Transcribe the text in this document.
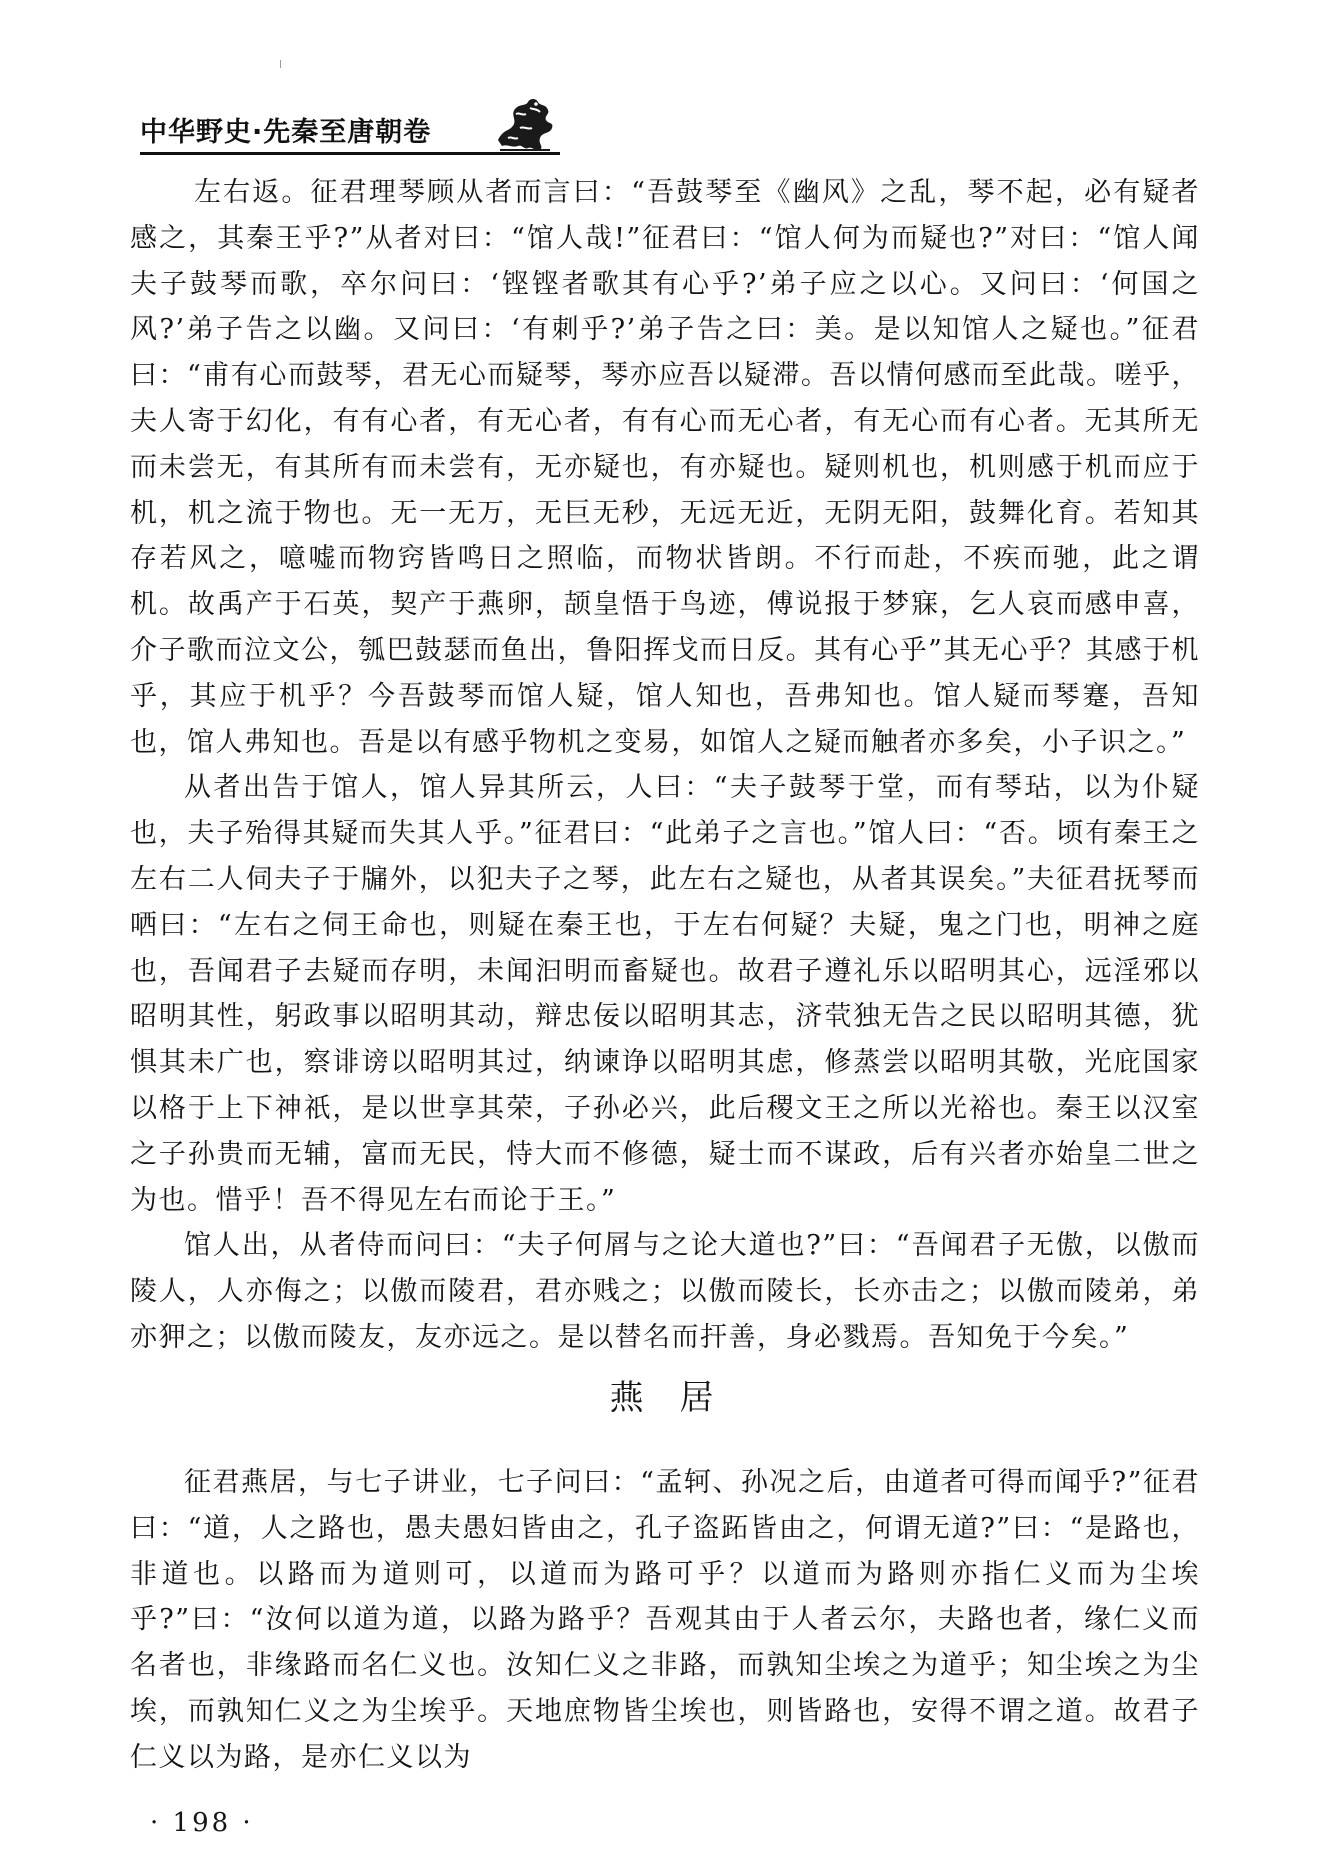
中华野史·先秦至唐朝卷

左右返。征君理琴顾从者而言曰：“吾鼓琴至《幽风》之乱，琴不起，必有疑者感之，其秦王乎?”从者对曰：“馆人哉!”征君曰：“馆人何为而疑也?”对曰：“馆人闻夫子鼓琴而歌，卒尔问曰：‘铿铿者歌其有心乎?’弟子应之以心。又问曰：‘何国之风?’弟子告之以幽。又问曰：‘有刺乎?’弟子告之曰：美。是以知馆人之疑也。”征君曰：“甫有心而鼓琴，君无心而疑琴，琴亦应吾以疑滞。吾以情何感而至此哉。嗟乎，夫人寄于幻化，有有心者，有无心者，有有心而无心者，有无心而有心者。无其所无而未尝无，有其所有而未尝有，无亦疑也，有亦疑也。疑则机也，机则感于机而应于机，机之流于物也。无一无万，无巨无秒，无远无近，无阴无阳，鼓舞化育。若知其存若风之，噫嘘而物窍皆鸣日之照临，而物状皆朗。不行而赴，不疾而驰，此之谓机。故禹产于石英，契产于燕卵，颉皇悟于鸟迹，傅说报于梦寐，乞人哀而感申喜，介子歌而泣文公，瓠巴鼓瑟而鱼出，鲁阳挥戈而日反。其有心乎”其无心乎？其感于机乎，其应于机乎？今吾鼓琴而馆人疑，馆人知也，吾弗知也。馆人疑而琴蹇，吾知也，馆人弗知也。吾是以有感乎物机之变易，如馆人之疑而触者亦多矣，小子识之。”

从者出告于馆人，馆人异其所云，人曰：“夫子鼓琴于堂，而有琴玷，以为仆疑也，夫子殆得其疑而失其人乎。”征君曰：“此弟子之言也。”馆人曰：“否。顷有秦王之左右二人伺夫子于牖外，以犯夫子之琴，此左右之疑也，从者其误矣。”夫征君抚琴而哂曰：“左右之伺王命也，则疑在秦王也，于左右何疑？夫疑，鬼之门也，明神之庭也，吾闻君子去疑而存明，未闻汩明而畜疑也。故君子遵礼乐以昭明其心，远淫邪以昭明其性，躬政事以昭明其动，辩忠佞以昭明其志，济茕独无告之民以昭明其德，犹惧其未广也，察诽谤以昭明其过，纳谏诤以昭明其虑，修蒸尝以昭明其敬，光庇国家以格于上下神祇，是以世享其荣，子孙必兴，此后稷文王之所以光裕也。秦王以汉室之子孙贵而无辅，富而无民，恃大而不修德，疑士而不谋政，后有兴者亦始皇二世之为也。惜乎！吾不得见左右而论于王。”

馆人出，从者侍而问曰：“夫子何屑与之论大道也?”曰：“吾闻君子无傲，以傲而陵人，人亦侮之；以傲而陵君，君亦贱之；以傲而陵长，长亦击之；以傲而陵弟，弟亦狎之；以傲而陵友，友亦远之。是以替名而扞善，身必戮焉。吾知免于今矣。”

燕居

征君燕居，与七子讲业，七子问曰：“孟轲、孙况之后，由道者可得而闻乎?”征君曰：“道，人之路也，愚夫愚妇皆由之，孔子盗跖皆由之，何谓无道?”曰：“是路也，非道也。以路而为道则可，以道而为路可乎？以道而为路则亦指仁义而为尘埃乎?”曰：“汝何以道为道，以路为路乎？吾观其由于人者云尔，夫路也者，缘仁义而名者也，非缘路而名仁义也。汝知仁义之非路，而孰知尘埃之为道乎；知尘埃之为尘埃，而孰知仁义之为尘埃乎。天地庶物皆尘埃也，则皆路也，安得不谓之道。故君子仁义以为路，是亦仁义以为

· 198 ·
